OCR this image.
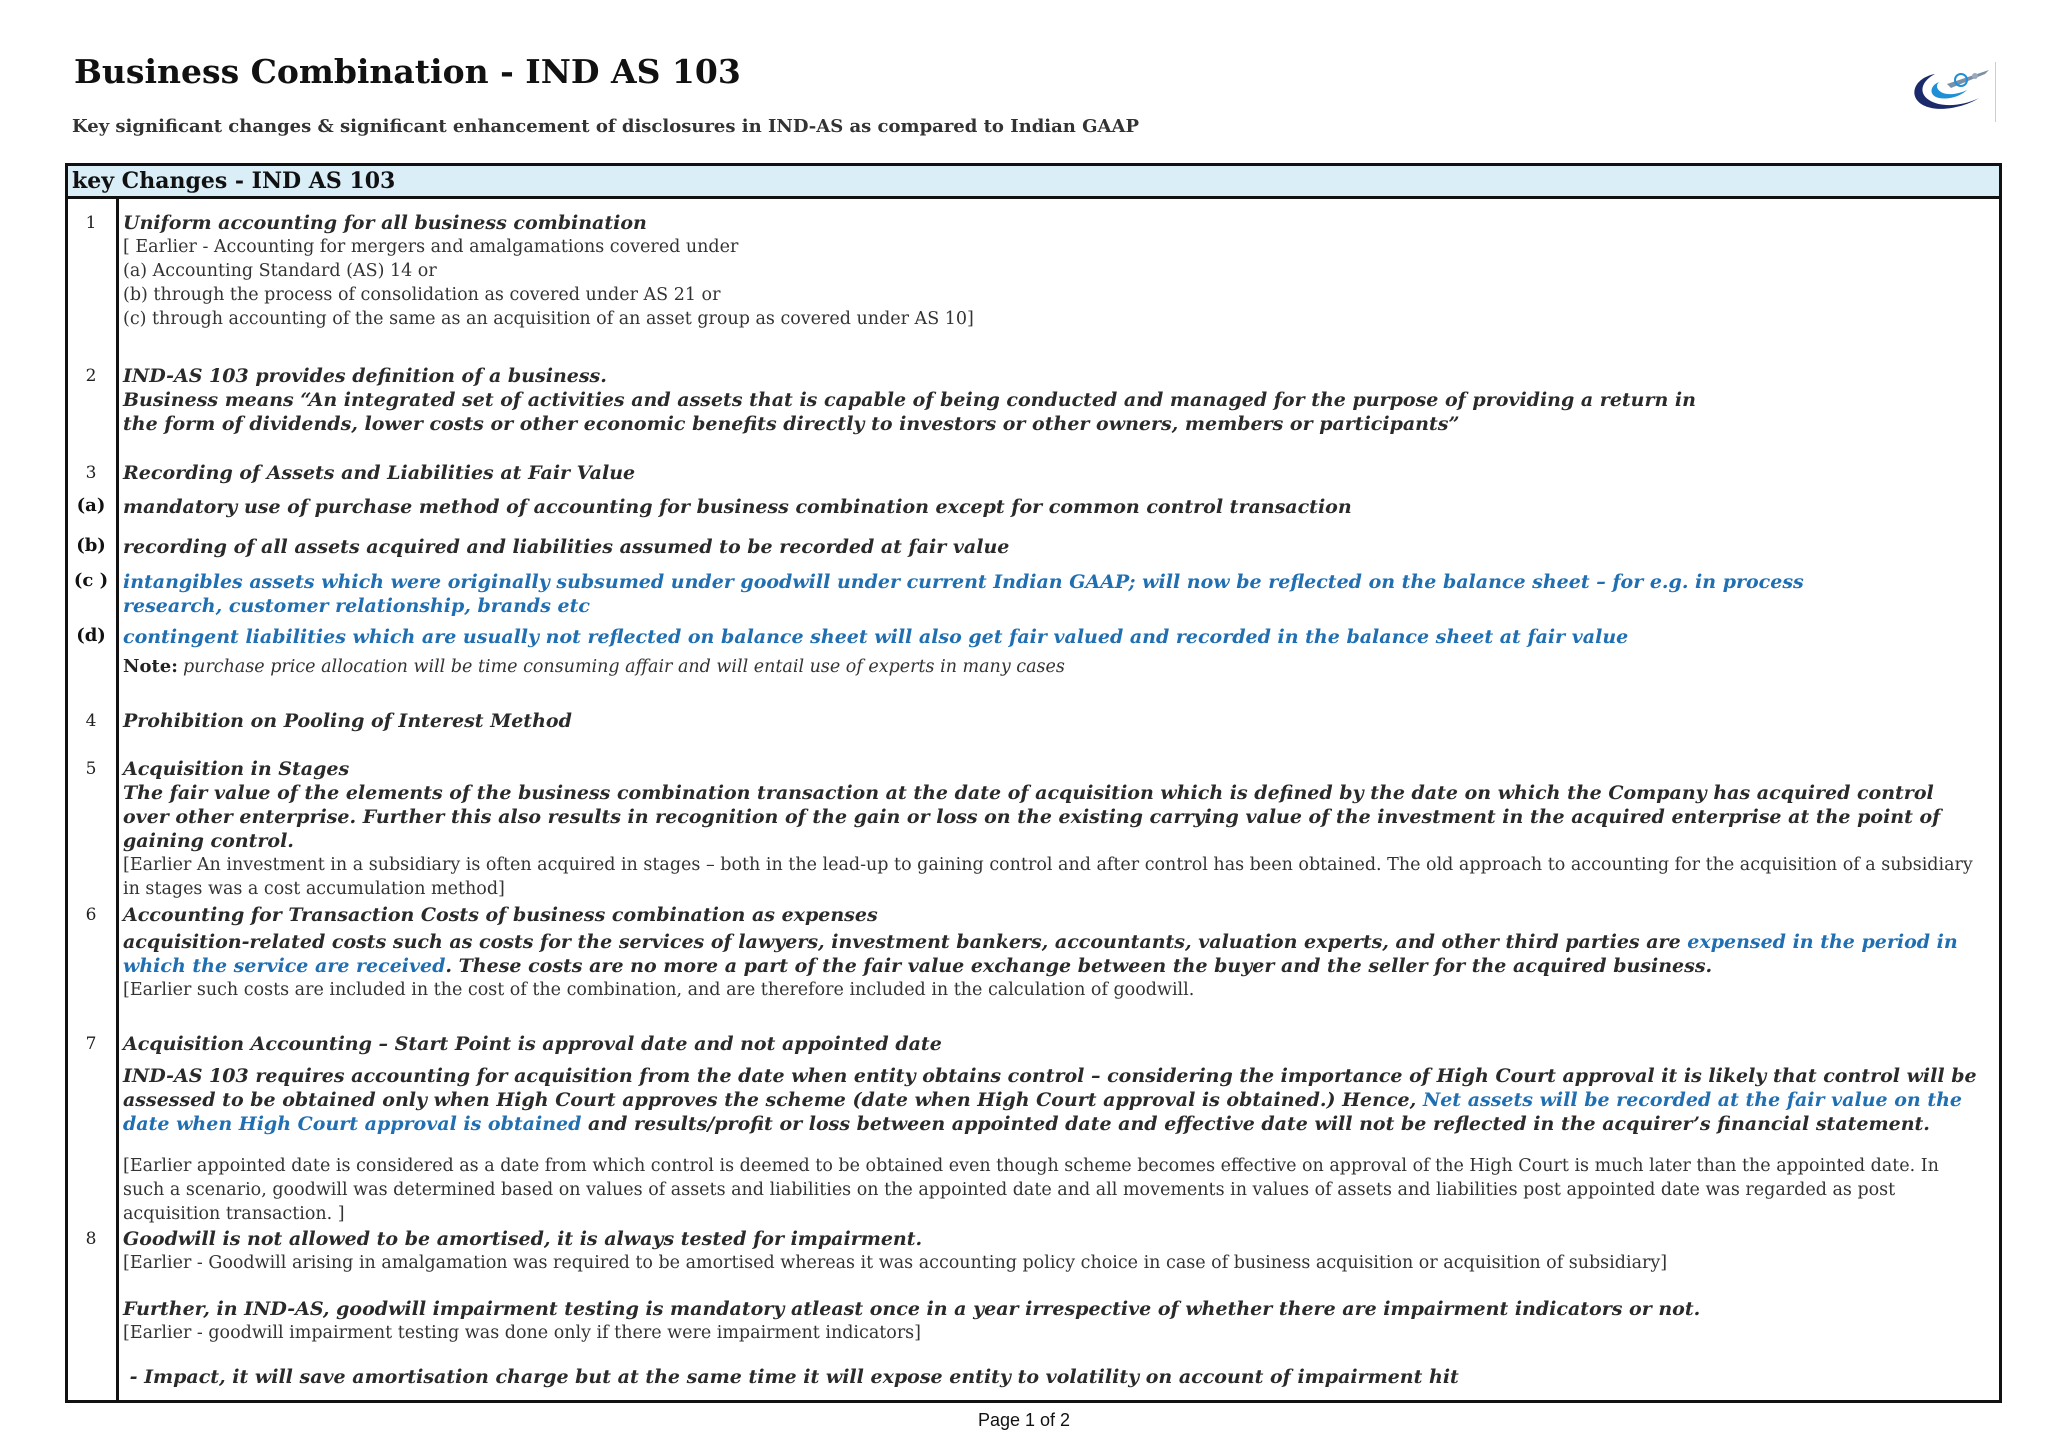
Business Combination - IND AS 103
Key significant changes & significant enhancement of disclosures in IND-AS as compared to Indian GAAP
key Changes - IND AS 103
1	Uniform accounting for all business combination
[ Earlier - Accounting for mergers and amalgamations covered under
(a) Accounting Standard (AS) 14 or
(b) through the process of consolidation as covered under AS 21 or
(c) through accounting of the same as an acquisition of an asset group as covered under AS 10]
2	IND-AS 103 provides definition of a business.
Business means “An integrated set of activities and assets that is capable of being conducted and managed for the purpose of providing a return in the form of dividends, lower costs or other economic benefits directly to investors or other owners, members or participants”
3	Recording of Assets and Liabilities at Fair Value
(a) mandatory use of purchase method of accounting for business combination except for common control transaction
(b) recording of all assets acquired and liabilities assumed to be recorded at fair value
(c ) intangibles assets which were originally subsumed under goodwill under current Indian GAAP; will now be reflected on the balance sheet – for e.g. in process research, customer relationship, brands etc
(d) contingent liabilities which are usually not reflected on balance sheet will also get fair valued and recorded in the balance sheet at fair value
Note: purchase price allocation will be time consuming affair and will entail use of experts in many cases
4	Prohibition on Pooling of Interest Method
5	Acquisition in Stages
The fair value of the elements of the business combination transaction at the date of acquisition which is defined by the date on which the Company has acquired control over other enterprise. Further this also results in recognition of the gain or loss on the existing carrying value of the investment in the acquired enterprise at the point of gaining control.
[Earlier An investment in a subsidiary is often acquired in stages – both in the lead-up to gaining control and after control has been obtained. The old approach to accounting for the acquisition of a subsidiary in stages was a cost accumulation method]
6	Accounting for Transaction Costs of business combination as expenses
acquisition-related costs such as costs for the services of lawyers, investment bankers, accountants, valuation experts, and other third parties are expensed in the period in which the service are received. These costs are no more a part of the fair value exchange between the buyer and the seller for the acquired business.
[Earlier such costs are included in the cost of the combination, and are therefore included in the calculation of goodwill.
7	Acquisition Accounting – Start Point is approval date and not appointed date
IND-AS 103 requires accounting for acquisition from the date when entity obtains control – considering the importance of High Court approval it is likely that control will be assessed to be obtained only when High Court approves the scheme (date when High Court approval is obtained.) Hence, Net assets will be recorded at the fair value on the date when High Court approval is obtained and results/profit or loss between appointed date and effective date will not be reflected in the acquirer’s financial statement.
[Earlier appointed date is considered as a date from which control is deemed to be obtained even though scheme becomes effective on approval of the High Court is much later than the appointed date. In such a scenario, goodwill was determined based on values of assets and liabilities on the appointed date and all movements in values of assets and liabilities post appointed date was regarded as post acquisition transaction. ]
8	Goodwill is not allowed to be amortised, it is always tested for impairment.
[Earlier - Goodwill arising in amalgamation was required to be amortised whereas it was accounting policy choice in case of business acquisition or acquisition of subsidiary]
Further, in IND-AS, goodwill impairment testing is mandatory atleast once in a year irrespective of whether there are impairment indicators or not.
[Earlier - goodwill impairment testing was done only if there were impairment indicators]
- Impact, it will save amortisation charge but at the same time it will expose entity to volatility on account of impairment hit
Page 1 of 2
